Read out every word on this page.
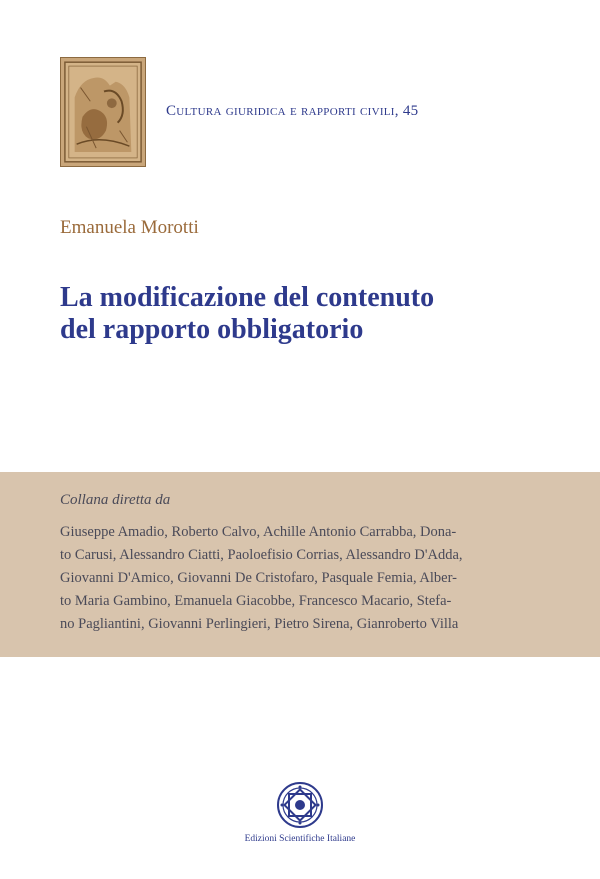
Cultura giuridica e rapporti civili, 45
Emanuela Morotti
La modificazione del contenuto
del rapporto obbligatorio
Collana diretta da
Giuseppe Amadio, Roberto Calvo, Achille Antonio Carrabba, Dona-
to Carusi, Alessandro Ciatti, Paoloefisio Corrias, Alessandro D'Adda,
Giovanni D'Amico, Giovanni De Cristofaro, Pasquale Femia, Alber-
to Maria Gambino, Emanuela Giacobbe, Francesco Macario, Stefa-
no Pagliantini, Giovanni Perlingieri, Pietro Sirena, Gianroberto Villa
Edizioni Scientifiche Italiane
